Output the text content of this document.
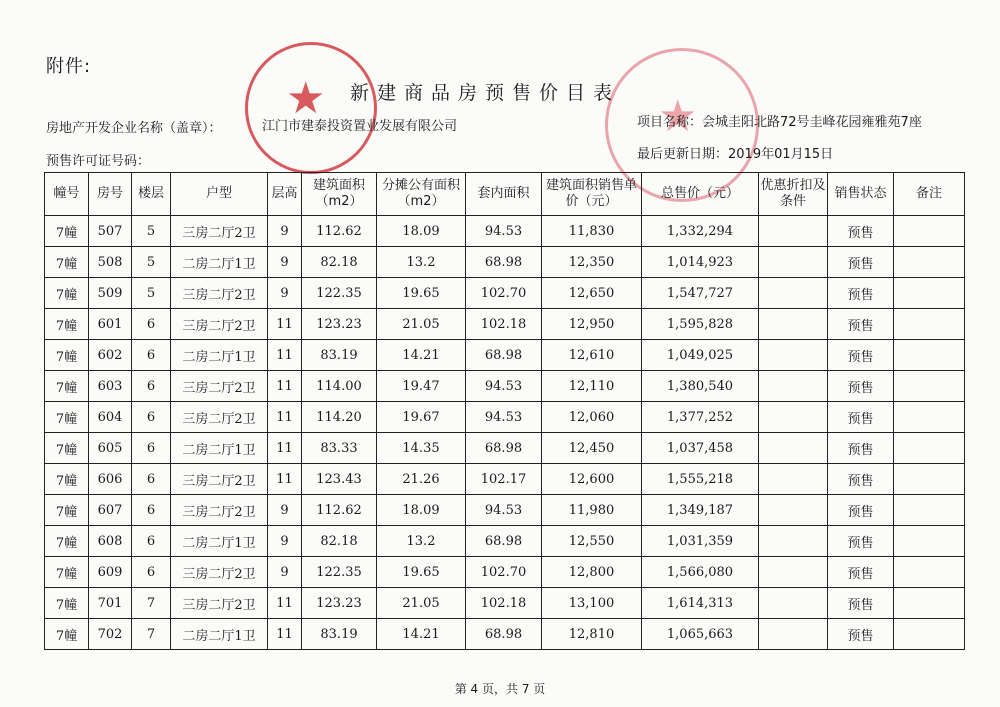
★	★
附件:
新建商品房预售价目表
房地产开发企业名称（盖章）：	江门市建泰投资置业发展有限公司	项目名称：会城圭阳北路72号圭峰花园雍雅苑7座
最后更新日期：2019年01月15日
预售许可证号码：
幢号	房号	楼层	户型	层高	建筑面积（m2）	分摊公有面积（m2）	套内面积	建筑面积销售单价（元）	总售价（元）	优惠折扣及条件	销售状态	备注
7幢	507	5	三房二厅2卫	9	112.62	18.09	94.53	11,830	1,332,294		预售	
7幢	508	5	二房二厅1卫	9	82.18	13.2	68.98	12,350	1,014,923		预售	
7幢	509	5	三房二厅2卫	9	122.35	19.65	102.70	12,650	1,547,727		预售	
7幢	601	6	三房二厅2卫	11	123.23	21.05	102.18	12,950	1,595,828		预售	
7幢	602	6	二房二厅1卫	11	83.19	14.21	68.98	12,610	1,049,025		预售	
7幢	603	6	三房二厅2卫	11	114.00	19.47	94.53	12,110	1,380,540		预售	
7幢	604	6	三房二厅2卫	11	114.20	19.67	94.53	12,060	1,377,252		预售	
7幢	605	6	二房二厅1卫	11	83.33	14.35	68.98	12,450	1,037,458		预售	
7幢	606	6	三房二厅2卫	11	123.43	21.26	102.17	12,600	1,555,218		预售	
7幢	607	6	三房二厅2卫	9	112.62	18.09	94.53	11,980	1,349,187		预售	
7幢	608	6	二房二厅1卫	9	82.18	13.2	68.98	12,550	1,031,359		预售	
7幢	609	6	三房二厅2卫	9	122.35	19.65	102.70	12,800	1,566,080		预售	
7幢	701	7	三房二厅2卫	11	123.23	21.05	102.18	13,100	1,614,313		预售	
7幢	702	7	二房二厅1卫	11	83.19	14.21	68.98	12,810	1,065,663		预售	
第 4 页，共 7 页
